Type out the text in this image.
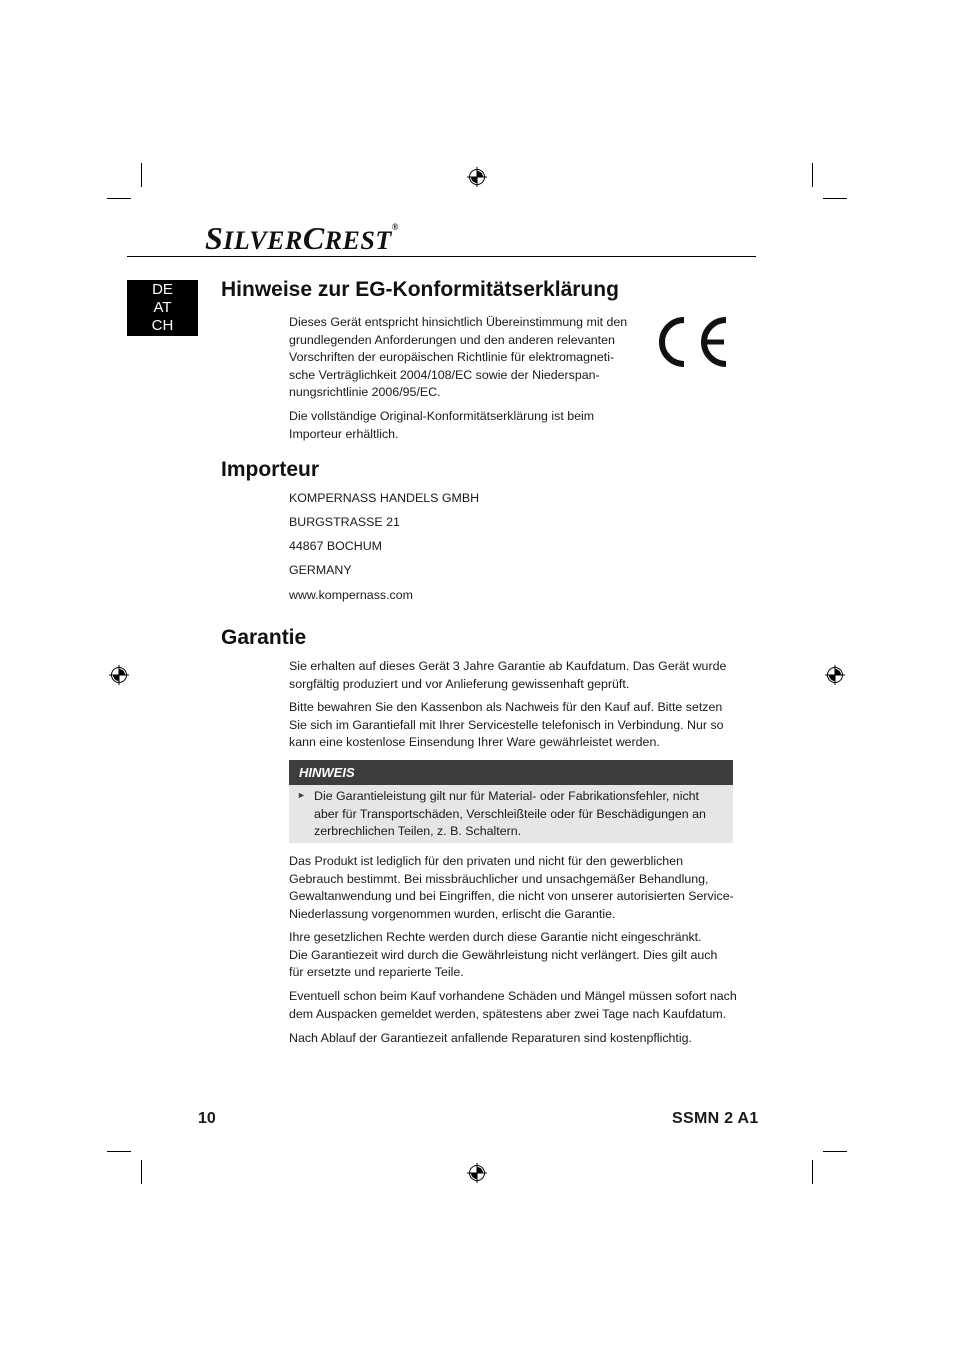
SILVERCREST®
DE
AT
CH
Hinweise zur EG-Konformitätserklärung

Dieses Gerät entspricht hinsichtlich Übereinstimmung mit den

grundlegenden Anforderungen und den anderen relevanten

Vorschriften der europäischen Richtlinie für elektromagneti-

sche Verträglichkeit 2004/108/EC sowie der Niederspan-

nungsrichtlinie 2006/95/EC.

Die vollständige Original-Konformitätserklärung ist beim

Importeur erhältlich.

Importeur

KOMPERNASS HANDELS GMBH

BURGSTRASSE 21

44867 BOCHUM

GERMANY

www.kompernass.com

Garantie

Sie erhalten auf dieses Gerät 3 Jahre Garantie ab Kaufdatum. Das Gerät wurde

sorgfältig produziert und vor Anlieferung gewissenhaft geprüft.

Bitte bewahren Sie den Kassenbon als Nachweis für den Kauf auf. Bitte setzen

Sie sich im Garantiefall mit Ihrer Servicestelle telefonisch in Verbindung. Nur so

kann eine kostenlose Einsendung Ihrer Ware gewährleistet werden.

HINWEIS
► Die Garantieleistung gilt nur für Material- oder Fabrikationsfehler, nicht

aber für Transportschäden, Verschleißteile oder für Beschädigungen an

zerbrechlichen Teilen, z. B. Schaltern.

Das Produkt ist lediglich für den privaten und nicht für den gewerblichen

Gebrauch bestimmt. Bei missbräuchlicher und unsachgemäßer Behandlung,

Gewaltanwendung und bei Eingriffen, die nicht von unserer autorisierten Service-

Niederlassung vorgenommen wurden, erlischt die Garantie.

Ihre gesetzlichen Rechte werden durch diese Garantie nicht eingeschränkt.

Die Garantiezeit wird durch die Gewährleistung nicht verlängert. Dies gilt auch

für ersetzte und reparierte Teile.

Eventuell schon beim Kauf vorhandene Schäden und Mängel müssen sofort nach

dem Auspacken gemeldet werden, spätestens aber zwei Tage nach Kaufdatum.

Nach Ablauf der Garantiezeit anfallende Reparaturen sind kostenpflichtig.

10	SSMN 2 A1
